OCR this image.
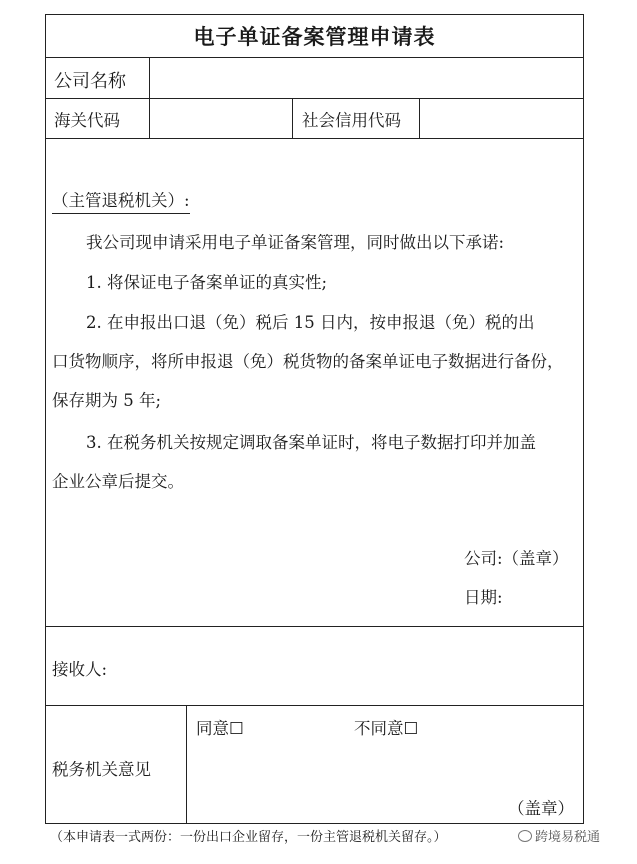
电子单证备案管理申请表
公司名称
海关代码	社会信用代码
（主管退税机关）:
我公司现申请采用电子单证备案管理，同时做出以下承诺:
1. 将保证电子备案单证的真实性;
2. 在申报出口退（免）税后 15 日内，按申报退（免）税的出
口货物顺序，将所申报退（免）税货物的备案单证电子数据进行备份，
保存期为 5 年;
3. 在税务机关按规定调取备案单证时，将电子数据打印并加盖
企业公章后提交。
公司:（盖章）
日期:
接收人:
税务机关意见
同意☐	不同意☐
（盖章）
（本申请表一式两份：一份出口企业留存，一份主管退税机关留存。）	跨境易税通
